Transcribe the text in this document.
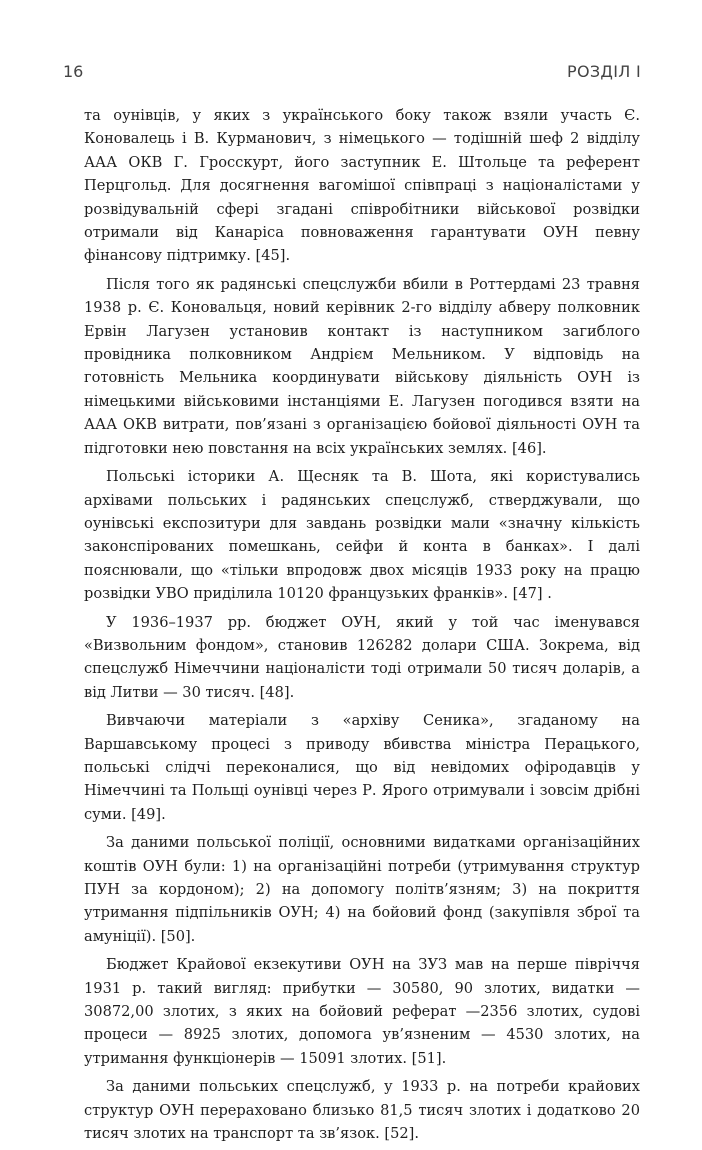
16	РОЗДІЛ I

та оунівців, у яких з українського боку також взяли участь Є. Коновалець і В. Курманович, з німецького — тодішній шеф 2 відділу ААА ОКВ Г. Гросскурт, його заступник Е. Штольце та референт Перцгольд. Для досягнення вагомішої співпраці з націоналістами у розвідувальній сфері згадані співробітники військової розвідки отримали від Канаріса повноваження гарантувати ОУН певну фінансову підтримку. [45].

Після того як радянські спецслужби вбили в Роттердамі 23 травня 1938 р. Є. Коновальця, новий керівник 2-го відділу абверу полковник Ервін Лагузен установив контакт із наступником загиблого провідника полковником Андрієм Мельником. У відповідь на готовність Мельника координувати військову діяльність ОУН із німецькими військовими інстанціями Е. Лагузен погодився взяти на ААА ОКВ витрати, пов’язані з організацією бойової діяльності ОУН та підготовки нею повстання на всіх українських землях. [46].

Польські історики А. Щесняк та В. Шота, які користувались архівами польських і радянських спецслужб, стверджували, що оунівські експозитури для завдань розвідки мали «значну кількість законспірованих помешкань, сейфи й конта в банках». І далі пояснювали, що «тільки впродовж двох місяців 1933 року на працю розвідки УВО приділила 10120 французьких франків». [47] .

У 1936–1937 рр. бюджет ОУН, який у той час іменувався «Визвольним фондом», становив 126282 долари США. Зокрема, від спецслужб Німеччини націоналісти тоді отримали 50 тисяч доларів, а від Литви — 30 тисяч. [48].

Вивчаючи матеріали з «архіву Сеника», згаданому на Варшавському процесі з приводу вбивства міністра Перацького, польські слідчі переконалися, що від невідомих офіродавців у Німеччині та Польщі оунівці через Р. Ярого отримували і зовсім дрібні суми. [49].

За даними польської поліції, основними видатками організаційних коштів ОУН були: 1) на організаційні потреби (утримування структур ПУН за кордоном); 2) на допомогу політв’язням; 3) на покриття утримання підпільників ОУН; 4) на бойовий фонд (закупівля зброї та амуніції). [50].

Бюджет Крайової екзекутиви ОУН на ЗУЗ мав на перше півріччя 1931 р. такий вигляд: прибутки — 30580, 90 злотих, видатки — 30872,00 злотих, з яких на бойовий реферат —2356 злотих, судові процеси — 8925 злотих, допомога ув’язненим — 4530 злотих, на утримання функціонерів — 15091 злотих. [51].

За даними польських спецслужб, у 1933 р. на потреби крайових структур ОУН перераховано близько 81,5 тисяч злотих і додатково 20 тисяч злотих на транспорт та зв’язок. [52].
